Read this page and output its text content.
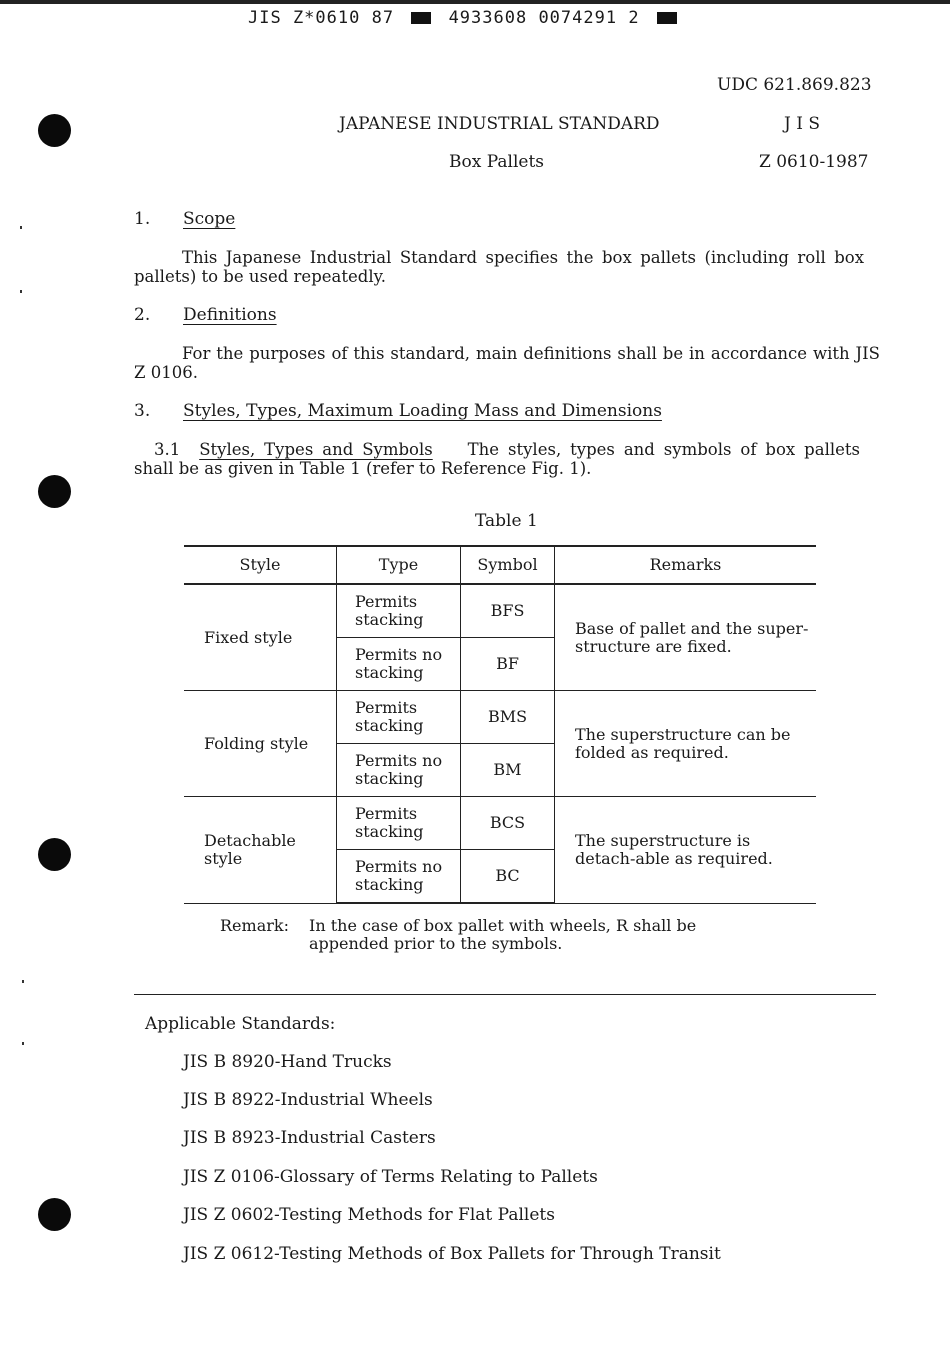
JIS Z*0610 87	4933608 0074291 2
UDC 621.869.823
JAPANESE INDUSTRIAL STANDARD	J I S
Box Pallets	Z 0610-1987
1. Scope
This Japanese Industrial Standard specifies the box pallets (including roll box pallets) to be used repeatedly.
2. Definitions
For the purposes of this standard, main definitions shall be in accordance with JIS Z 0106.
3. Styles, Types, Maximum Loading Mass and Dimensions
3.1 Styles, Types and Symbols The styles, types and symbols of box pallets shall be as given in Table 1 (refer to Reference Fig. 1).
Table 1
Style	Type	Symbol	Remarks
Fixed style	Permits stacking	BFS	Base of pallet and the super-structure are fixed.
	Permits no stacking	BF	
Folding style	Permits stacking	BMS	The superstructure can be folded as required.
	Permits no stacking	BM	
Detachable style	Permits stacking	BCS	The superstructure is detach-able as required.
	Permits no stacking	BC	
Remark: In the case of box pallet with wheels, R shall be
appended prior to the symbols.
Applicable Standards:
JIS B 8920-Hand Trucks
JIS B 8922-Industrial Wheels
JIS B 8923-Industrial Casters
JIS Z 0106-Glossary of Terms Relating to Pallets
JIS Z 0602-Testing Methods for Flat Pallets
JIS Z 0612-Testing Methods of Box Pallets for Through Transit
